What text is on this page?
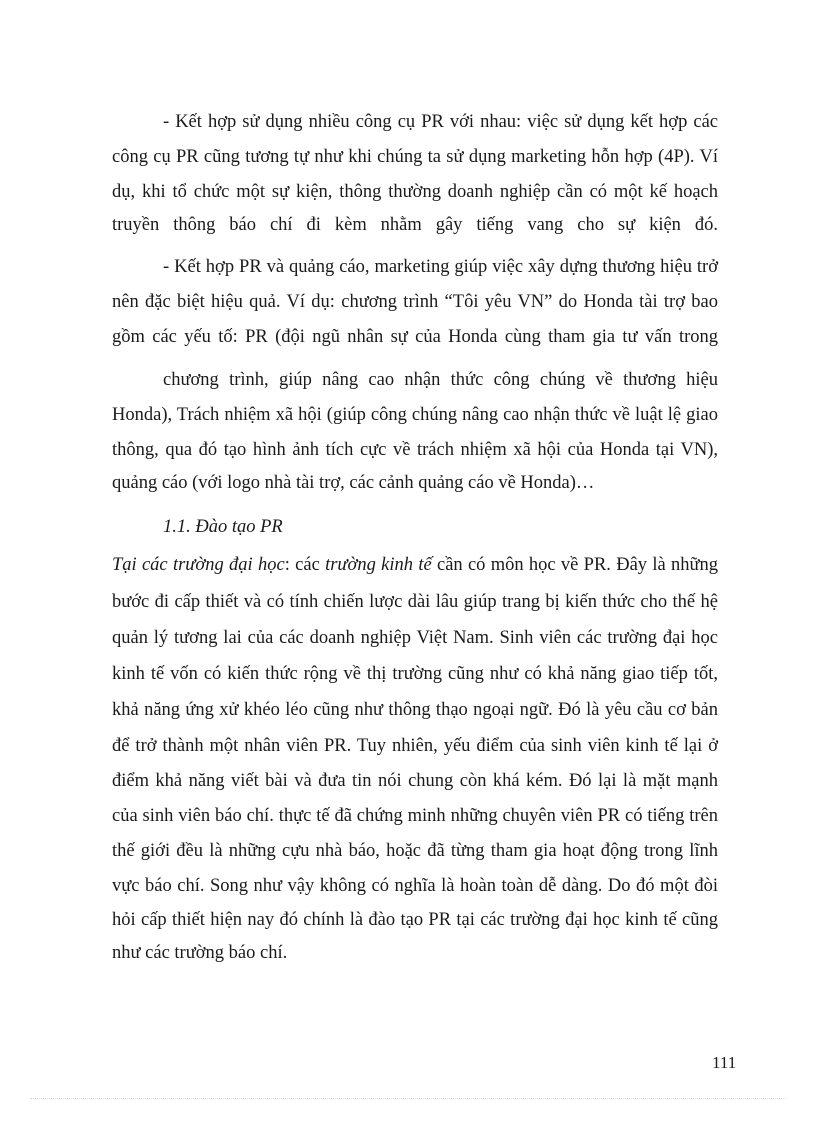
- Kết hợp sử dụng nhiều công cụ PR với nhau: việc sử dụng kết hợp các
công cụ PR cũng tương tự như khi chúng ta sử dụng marketing hỗn hợp (4P). Ví
dụ, khi tổ chức một sự kiện, thông thường doanh nghiệp cần có một kế hoạch
truyền thông báo chí đi kèm nhằm gây tiếng vang cho sự kiện đó.
- Kết hợp PR và quảng cáo, marketing giúp việc xây dựng thương hiệu trở
nên đặc biệt hiệu quả. Ví dụ: chương trình “Tôi yêu VN” do Honda tài trợ bao
gồm các yếu tố: PR (đội ngũ nhân sự của Honda cùng tham gia tư vấn trong
chương trình, giúp nâng cao nhận thức công chúng về thương hiệu
Honda), Trách nhiệm xã hội (giúp công chúng nâng cao nhận thức về luật lệ giao
thông, qua đó tạo hình ảnh tích cực về trách nhiệm xã hội của Honda tại VN),
quảng cáo (với logo nhà tài trợ, các cảnh quảng cáo về Honda)…
1.1. Đào tạo PR
Tại các trường đại học: các trường kinh tế cần có môn học về PR. Đây là những
bước đi cấp thiết và có tính chiến lược dài lâu giúp trang bị kiến thức cho thế hệ
quản lý tương lai của các doanh nghiệp Việt Nam. Sinh viên các trường đại học
kinh tế vốn có kiến thức rộng về thị trường cũng như có khả năng giao tiếp tốt,
khả năng ứng xử khéo léo cũng như thông thạo ngoại ngữ. Đó là yêu cầu cơ bản
để trở thành một nhân viên PR. Tuy nhiên, yếu điểm của sinh viên kinh tế lại ở
điểm khả năng viết bài và đưa tin nói chung còn khá kém. Đó lại là mặt mạnh
của sinh viên báo chí. thực tế đã chứng minh những chuyên viên PR có tiếng trên
thế giới đều là những cựu nhà báo, hoặc đã từng tham gia hoạt động trong lĩnh
vực báo chí. Song như vậy không có nghĩa là hoàn toàn dễ dàng. Do đó một đòi
hỏi cấp thiết hiện nay đó chính là đào tạo PR tại các trường đại học kinh tế cũng
như các trường báo chí.
111
